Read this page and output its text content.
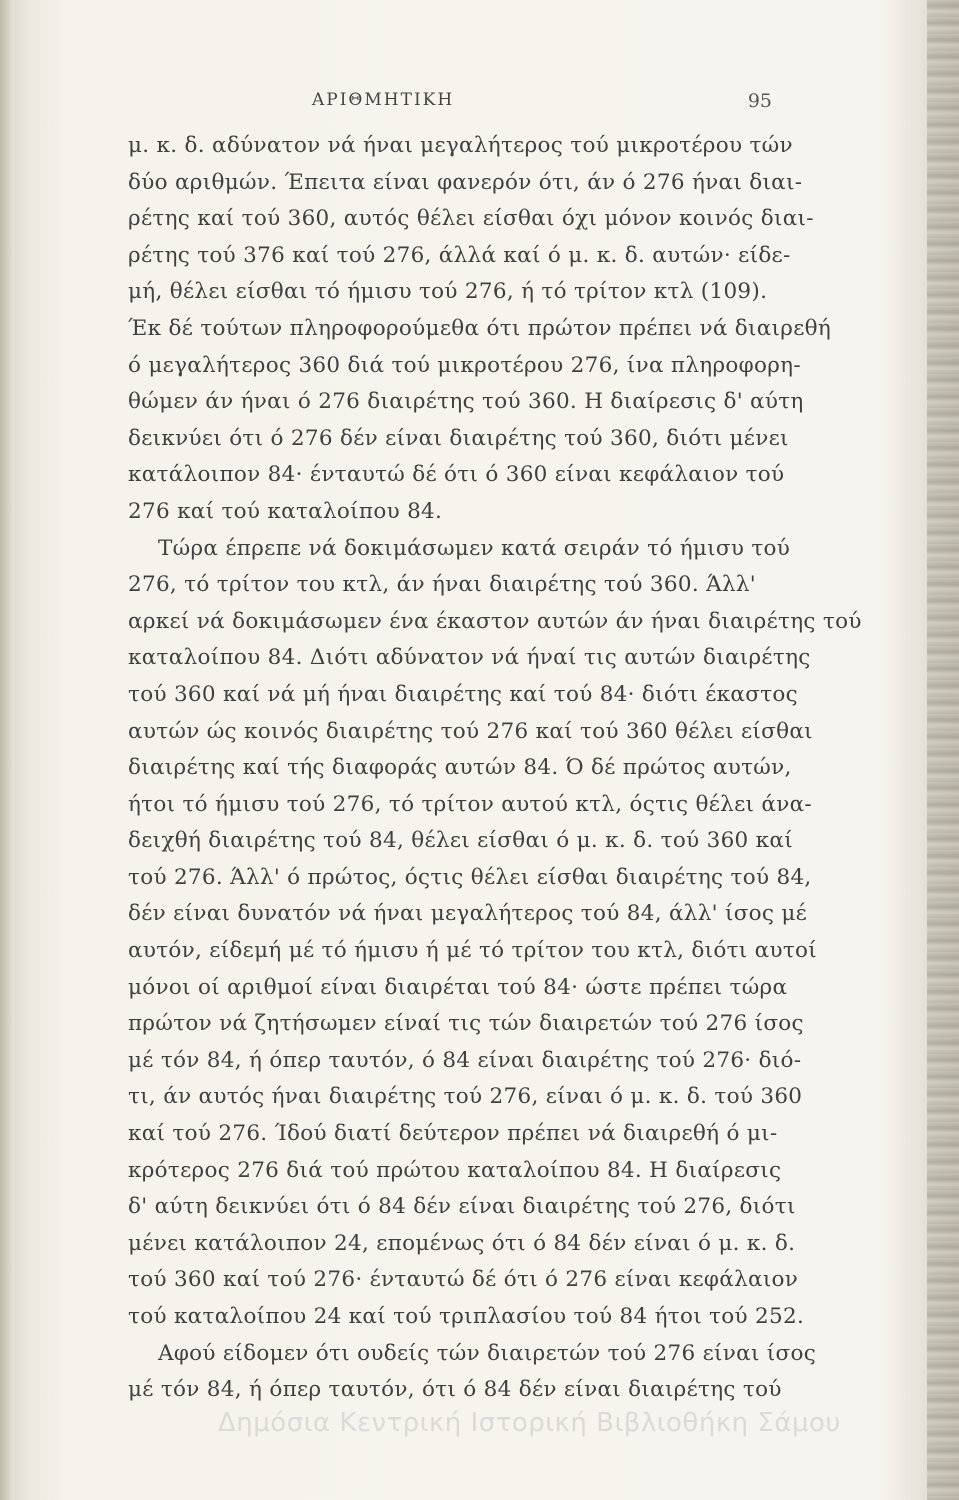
ΑΡΙΘΜΗΤΙΚΗ	95
μ. κ. δ. αδύνατον νά ήναι μεγαλήτερος τού μικροτέρου τών
δύο αριθμών. Έπειτα είναι φανερόν ότι, άν ό 276 ήναι διαι-
ρέτης καί τού 360, αυτός θέλει είσθαι όχι μόνον κοινός διαι-
ρέτης τού 376 καί τού 276, άλλά καί ό μ. κ. δ. αυτών· είδε-
μή, θέλει είσθαι τό ήμισυ τού 276, ή τό τρίτον κτλ (109).
Έκ δέ τούτων πληροφορούμεθα ότι πρώτον πρέπει νά διαιρεθή
ό μεγαλήτερος 360 διά τού μικροτέρου 276, ίνα πληροφορη-
θώμεν άν ήναι ό 276 διαιρέτης τού 360. Η διαίρεσις δ' αύτη
δεικνύει ότι ό 276 δέν είναι διαιρέτης τού 360, διότι μένει
κατάλοιπον 84· ένταυτώ δέ ότι ό 360 είναι κεφάλαιον τού
276 καί τού καταλοίπου 84.
Τώρα έπρεπε νά δοκιμάσωμεν κατά σειράν τό ήμισυ τού
276, τό τρίτον του κτλ, άν ήναι διαιρέτης τού 360. Άλλ'
αρκεί νά δοκιμάσωμεν ένα έκαστον αυτών άν ήναι διαιρέτης τού
καταλοίπου 84. Διότι αδύνατον νά ήναί τις αυτών διαιρέτης
τού 360 καί νά μή ήναι διαιρέτης καί τού 84· διότι έκαστος
αυτών ώς κοινός διαιρέτης τού 276 καί τού 360 θέλει είσθαι
διαιρέτης καί τής διαφοράς αυτών 84. Ό δέ πρώτος αυτών,
ήτοι τό ήμισυ τού 276, τό τρίτον αυτού κτλ, όςτις θέλει άνα-
δειχθή διαιρέτης τού 84, θέλει είσθαι ό μ. κ. δ. τού 360 καί
τού 276. Άλλ' ό πρώτος, όςτις θέλει είσθαι διαιρέτης τού 84,
δέν είναι δυνατόν νά ήναι μεγαλήτερος τού 84, άλλ' ίσος μέ
αυτόν, είδεμή μέ τό ήμισυ ή μέ τό τρίτον του κτλ, διότι αυτοί
μόνοι οί αριθμοί είναι διαιρέται τού 84· ώστε πρέπει τώρα
πρώτον νά ζητήσωμεν είναί τις τών διαιρετών τού 276 ίσος
μέ τόν 84, ή όπερ ταυτόν, ό 84 είναι διαιρέτης τού 276· διό-
τι, άν αυτός ήναι διαιρέτης τού 276, είναι ό μ. κ. δ. τού 360
καί τού 276. Ίδού διατί δεύτερον πρέπει νά διαιρεθή ό μι-
κρότερος 276 διά τού πρώτου καταλοίπου 84. Η διαίρεσις
δ' αύτη δεικνύει ότι ό 84 δέν είναι διαιρέτης τού 276, διότι
μένει κατάλοιπον 24, επομένως ότι ό 84 δέν είναι ό μ. κ. δ.
τού 360 καί τού 276· ένταυτώ δέ ότι ό 276 είναι κεφάλαιον
τού καταλοίπου 24 καί τού τριπλασίου τού 84 ήτοι τού 252.
Αφού είδομεν ότι ουδείς τών διαιρετών τού 276 είναι ίσος
μέ τόν 84, ή όπερ ταυτόν, ότι ό 84 δέν είναι διαιρέτης τού
Δημόσια Κεντρική Ιστορική Βιβλιοθήκη Σάμου
